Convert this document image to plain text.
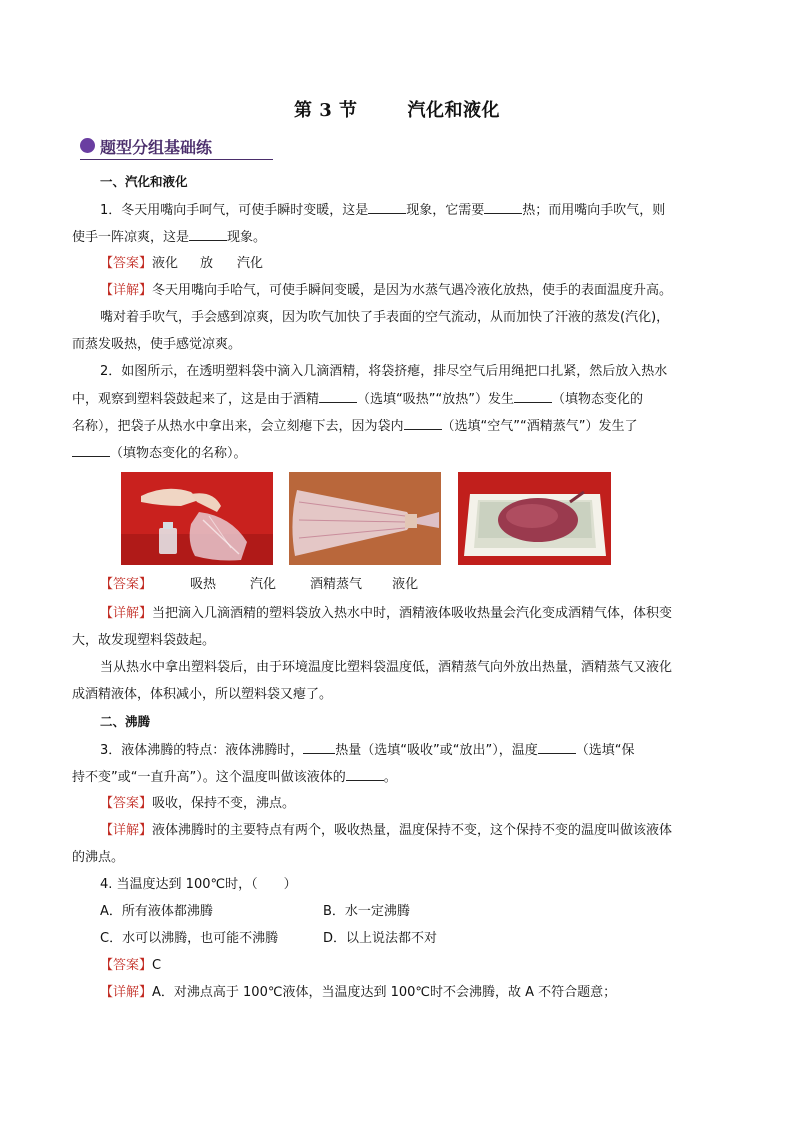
第 3 节	汽化和液化
题型分组基础练
一、汽化和液化
1．冬天用嘴向手呵气，可使手瞬时变暖，这是	现象，它需要	热；而用嘴向手吹气，则
使手一阵凉爽，这是	现象。
【答案】液化 放 汽化
【详解】冬天用嘴向手哈气，可使手瞬间变暖，是因为水蒸气遇冷液化放热，使手的表面温度升高。
嘴对着手吹气，手会感到凉爽，因为吹气加快了手表面的空气流动，从而加快了汗液的蒸发(汽化)，
而蒸发吸热，使手感觉凉爽。
2．如图所示，在透明塑料袋中滴入几滴酒精，将袋挤瘪，排尽空气后用绳把口扎紧，然后放入热水
中，观察到塑料袋鼓起来了，这是由于酒精	（选填“吸热”“放热”）发生	（填物态变化的
名称），把袋子从热水中拿出来，会立刻瘪下去，因为袋内	（选填“空气”“酒精蒸气”）发生了
（填物态变化的名称）。
【答案】	吸热	汽化	酒精蒸气 液化
【详解】当把滴入几滴酒精的塑料袋放入热水中时，酒精液体吸收热量会汽化变成酒精气体，体积变
大，故发现塑料袋鼓起。
当从热水中拿出塑料袋后，由于环境温度比塑料袋温度低，酒精蒸气向外放出热量，酒精蒸气又液化
成酒精液体，体积减小，所以塑料袋又瘪了。
二、沸腾
3．液体沸腾的特点：液体沸腾时， 热量（选填“吸收”或“放出”），温度	（选填“保
持不变”或“一直升高”）。这个温度叫做该液体的	。
【答案】吸收，保持不变，沸点。
【详解】液体沸腾时的主要特点有两个，吸收热量，温度保持不变，这个保持不变的温度叫做该液体
的沸点。
4. 当温度达到 100℃时，（　　）
A．所有液体都沸腾	B．水一定沸腾
C．水可以沸腾，也可能不沸腾	D．以上说法都不对
【答案】C
【详解】A．对沸点高于 100℃液体，当温度达到 100℃时不会沸腾，故 A 不符合题意；
